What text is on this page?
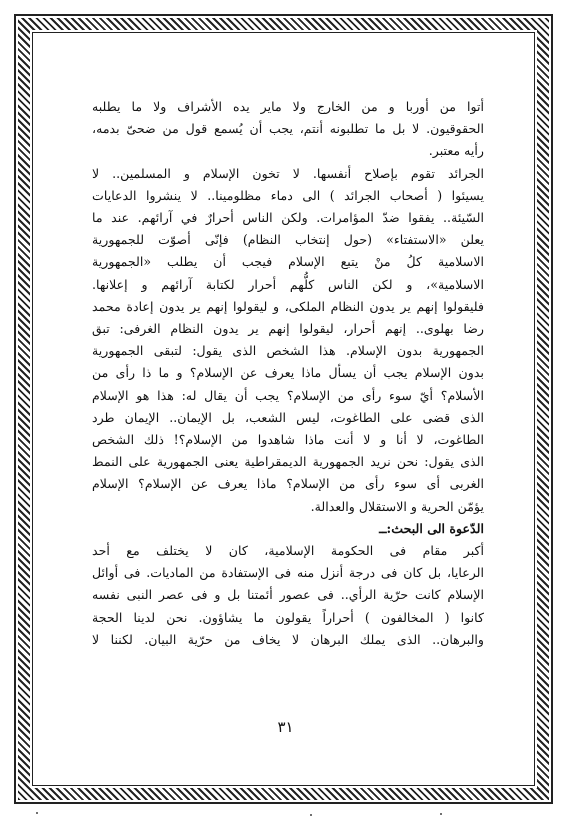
أتوا من أوربا و من الخارج ولا ماير يده الأشراف ولا ما يطلبه
الحقوقيون. لا بل ما تطلبونه أنتم، يجب أن يُسمع قول من ضحىّ بدمه،
رأيه معتبر.
الجرائد تقوم بإصلاح أنفسها. لا تخون الإسلام و المسلمين.. لا
يسيئوا ( أصحاب الجرائد ) الى دماء مظلومينا.. لا ينشروا الدعايات
السّيئة.. يفقوا ضدّ المؤامرات. ولكن الناس أحرارٌ في آرائهم. عند ما
يعلن «الاستفتاء» (حول إنتخاب النظام) فإنّى أصوّت للجمهورية
الاسلامية كلُ منْ يتبع الإسلام فيجب أن يطلب «الجمهورية
الاسلامية»، و لكن الناس كلُّهم أحرار لكتابة آرائهم و إعلانها.
فليقولوا إنهم ير يدون النظام الملكى، و ليقولوا إنهم ير يدون إعادة محمد
رضا بهلوى.. إنهم أحرار، ليقولوا إنهم ير يدون النظام الغرفى: تبق
الجمهورية بدون الإسلام. هذا الشخص الذى يقول: لتبقى الجمهورية
بدون الإسلام يجب أن يسأل ماذا يعرف عن الإسلام؟ و ما ذا رأى من
الأسلام؟ أيّ سوء رأى من الإسلام؟ يجب أن يقال له: هذا هو الإسلام
الذى قضى على الطاغوت، ليس الشعب، بل الإيمان.. الإيمان طرد
الطاغوت، لا أنا و لا أنت ماذا شاهدوا من الإسلام؟! ذلك الشخص
الذى يقول: نحن نريد الجمهورية الديمقراطية يعنى الجمهورية على النمط
الغربى أى سوء رأى من الإسلام؟ ماذا يعرف عن الإسلام؟ الإسلام
يؤمّن الحرية و الاستقلال والعدالة.
الدّعوة الى البحث:ــ
أكبر مقام فى الحكومة الإسلامية، كان لا يختلف مع أحد
الرعايا، بل كان فى درجة أنزل منه فى الإستفادة من الماديات. فى أوائل
الإسلام كانت حرّية الرأي.. فى عصور أئمتنا بل و فى عصر النبى نفسه
كانوا ( المخالفون ) أحراراً يقولون ما يشاؤون. نحن لدينا الحجة
والبرهان.. الذى يملك البرهان لا يخاف من حرّية البيان. لكننا لا
٣١
